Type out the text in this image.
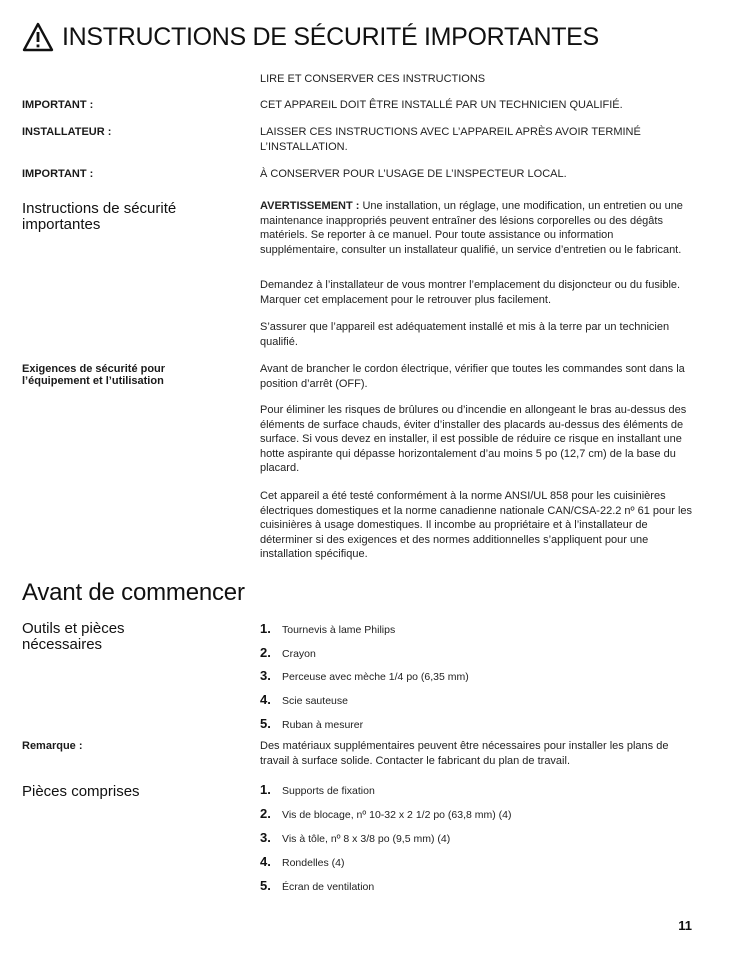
INSTRUCTIONS DE SÉCURITÉ IMPORTANTES
LIRE ET CONSERVER CES INSTRUCTIONS
IMPORTANT :	CET APPAREIL DOIT ÊTRE INSTALLÉ PAR UN TECHNICIEN QUALIFIÉ.
INSTALLATEUR :	LAISSER CES INSTRUCTIONS AVEC L’APPAREIL APRÈS AVOIR TERMINÉ L’INSTALLATION.
IMPORTANT :	À CONSERVER POUR L’USAGE DE L’INSPECTEUR LOCAL.
Instructions de sécurité importantes
AVERTISSEMENT : Une installation, un réglage, une modification, un entretien ou une maintenance inappropriés peuvent entraîner des lésions corporelles ou des dégâts matériels. Se reporter à ce manuel. Pour toute assistance ou information supplémentaire, consulter un installateur qualifié, un service d’entretien ou le fabricant.
Demandez à l’installateur de vous montrer l’emplacement du disjoncteur ou du fusible. Marquer cet emplacement pour le retrouver plus facilement.
S’assurer que l’appareil est adéquatement installé et mis à la terre par un technicien qualifié.
Exigences de sécurité pour l’équipement et l’utilisation
Avant de brancher le cordon électrique, vérifier que toutes les commandes sont dans la position d’arrêt (OFF).
Pour éliminer les risques de brûlures ou d’incendie en allongeant le bras au-dessus des éléments de surface chauds, éviter d’installer des placards au-dessus des éléments de surface. Si vous devez en installer, il est possible de réduire ce risque en installant une hotte aspirante qui dépasse horizontalement d’au moins 5 po (12,7 cm) de la base du placard.
Cet appareil a été testé conformément à la norme ANSI/UL 858 pour les cuisinières électriques domestiques et la norme canadienne nationale CAN/CSA-22.2 nº 61 pour les cuisinières à usage domestiques. Il incombe au propriétaire et à l’installateur de déterminer si des exigences et des normes additionnelles s’appliquent pour une installation spécifique.
Avant de commencer
Outils et pièces nécessaires
1.	Tournevis à lame Philips
2.	Crayon
3.	Perceuse avec mèche 1/4 po (6,35 mm)
4.	Scie sauteuse
5.	Ruban à mesurer
Remarque :	Des matériaux supplémentaires peuvent être nécessaires pour installer les plans de travail à surface solide. Contacter le fabricant du plan de travail.
Pièces comprises	1.	Supports de fixation
2.	Vis de blocage, nº 10-32 x 2 1/2 po (63,8 mm) (4)
3.	Vis à tôle, nº 8 x 3/8 po (9,5 mm) (4)
4.	Rondelles (4)
5.	Écran de ventilation
11
